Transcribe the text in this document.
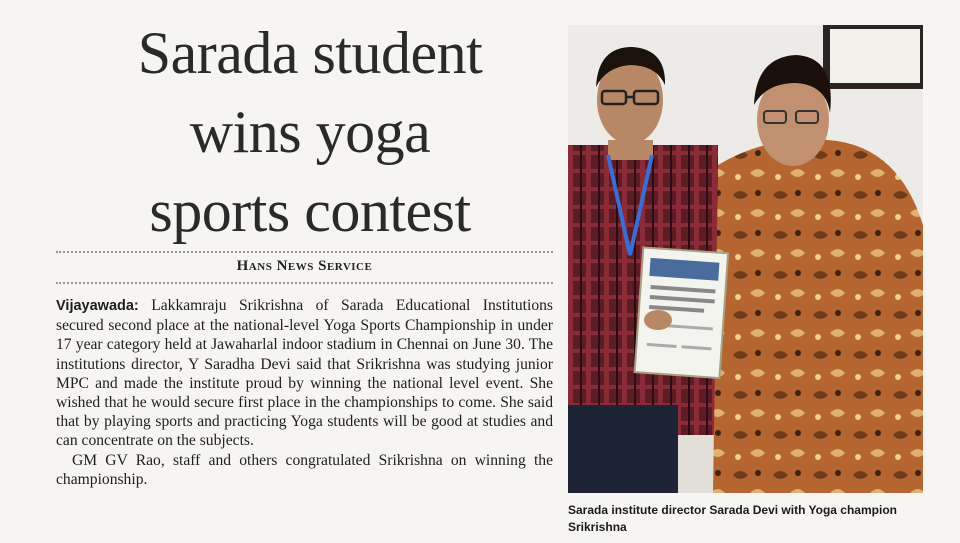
Sarada student
wins yoga
sports contest
Hans News Service

Vijayawada: Lakkamraju Srikrishna of Sarada Educational Institutions secured second place at the national-level Yoga Sports Championship in under 17 year category held at Jawaharlal indoor stadium in Chennai on June 30. The institutions director, Y Saradha Devi said that Srikrishna was studying junior MPC and made the institute proud by winning the national level event. She wished that he would secure first place in the championships to come. She said that by playing sports and practicing Yoga students will be good at studies and can concentrate on the subjects.

GM GV Rao, staff and others congratulated Srikrishna on winning the championship.

Sarada institute director Sarada Devi with Yoga champion Srikrishna
